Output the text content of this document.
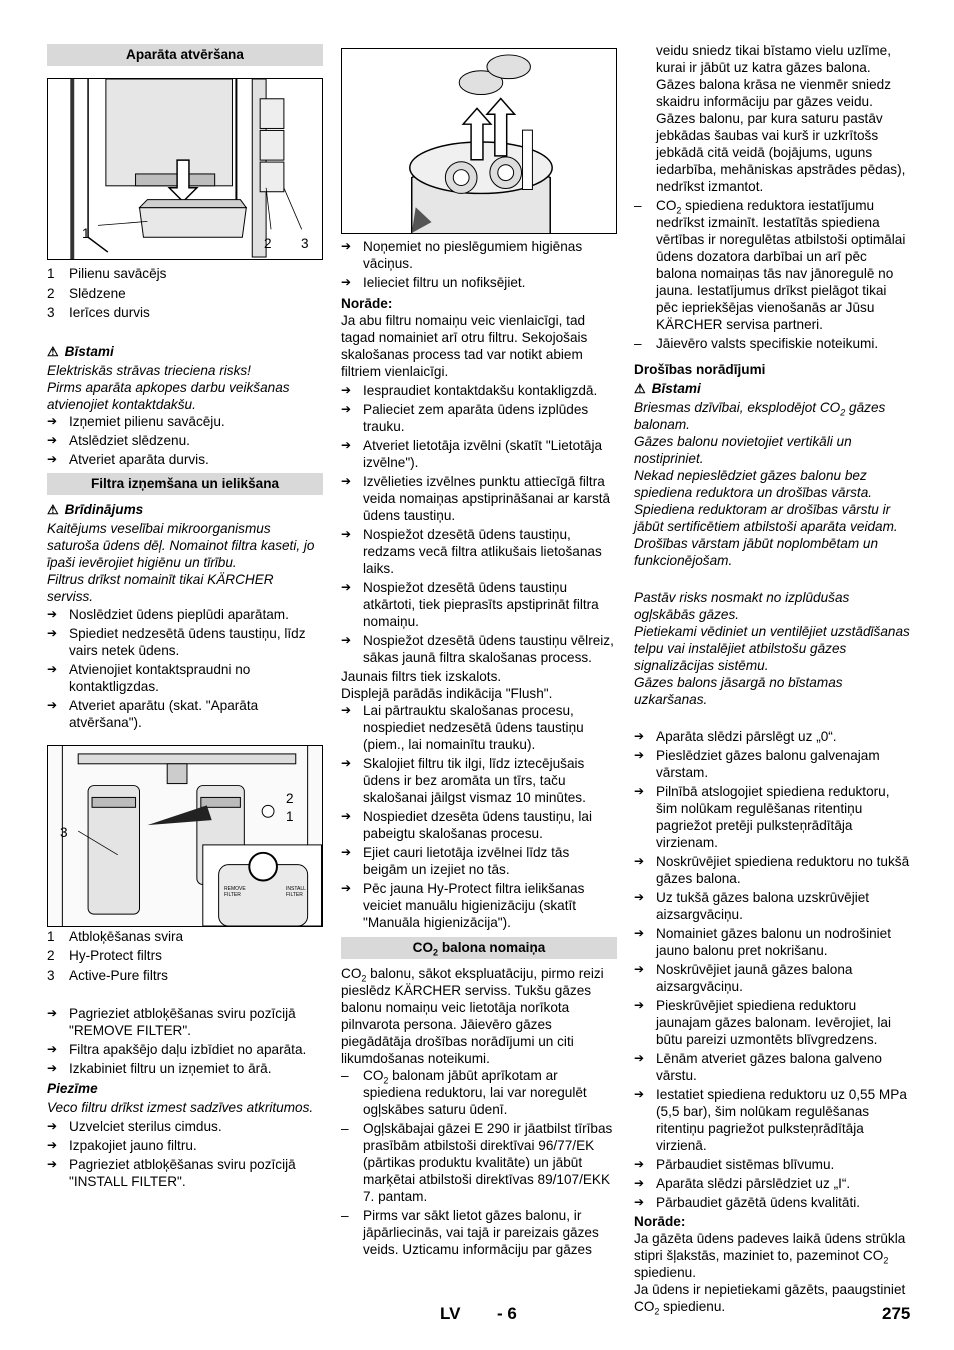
Aparāta atvēršana
1
2 3
1	Pilienu savācējs
2	Slēdzene
3	Ierīces durvis
⚠ Bīstami
Elektriskās strāvas trieciena risks!
Pirms aparāta apkopes darbu veikšanas atvienojiet kontaktdakšu.
➔ Izņemiet pilienu savācēju.
➔ Atslēdziet slēdzenu.
➔ Atveriet aparāta durvis.
Filtra izņemšana un ielikšana
⚠ Brīdinājums
Kaitējums veselībai mikroorganismus saturoša ūdens dēļ. Nomainot filtra kaseti, jo īpaši ievērojiet higiēnu un tīrību.
Filtrus drīkst nomainīt tikai KÄRCHER serviss.
➔ Noslēdziet ūdens pieplūdi aparātam.
➔ Spiediet nedzesētā ūdens taustiņu, līdz vairs netek ūdens.
➔ Atvienojiet kontaktspraudni no kontaktligzdas.
➔ Atveriet aparātu (skat. "Aparāta atvēršana").
2
1
3
REMOVE FILTER
INSTALL FILTER
1	Atbloķēšanas svira
2	Hy-Protect filtrs
3	Active-Pure filtrs
➔ Pagrieziet atbloķēšanas sviru pozīcijā "REMOVE FILTER".
➔ Filtra apakšējo daļu izbīdiet no aparāta.
➔ Izkabiniet filtru un izņemiet to ārā.
Piezīme
Veco filtru drīkst izmest sadzīves atkritumos.
➔ Uzvelciet sterilus cimdus.
➔ Izpakojiet jauno filtru.
➔ Pagrieziet atbloķēšanas sviru pozīcijā "INSTALL FILTER".
➔ Noņemiet no pieslēgumiem higiēnas vāciņus.
➔ Ielieciet filtru un nofiksējiet.
Norāde:
Ja abu filtru nomaiņu veic vienlaicīgi, tad tagad nomainiet arī otru filtru. Sekojošais skalošanas process tad var notikt abiem filtriem vienlaicīgi.
➔ Iespraudiet kontaktdakšu kontakligzdā.
➔ Palieciet zem aparāta ūdens izplūdes trauku.
➔ Atveriet lietotāja izvēlni (skatīt "Lietotāja izvēlne").
➔ Izvēlieties izvēlnes punktu attiecīgā filtra veida nomaiņas apstiprināšanai ar karstā ūdens taustiņu.
➔ Nospiežot dzesētā ūdens taustiņu, redzams vecā filtra atlikušais lietošanas laiks.
➔ Nospiežot dzesētā ūdens taustiņu atkārtoti, tiek pieprasīts apstiprināt filtra nomaiņu.
➔ Nospiežot dzesētā ūdens taustiņu vēlreiz, sākas jaunā filtra skalošanas process.
Jaunais filtrs tiek izskalots.
Displejā parādās indikācija "Flush".
➔ Lai pārtrauktu skalošanas procesu, nospiediet nedzesētā ūdens taustiņu (piem., lai nomainītu trauku).
➔ Skalojiet filtru tik ilgi, līdz iztecējušais ūdens ir bez aromāta un tīrs, taču skalošanai jāilgst vismaz 10 minūtes.
➔ Nospiediet dzesēta ūdens taustiņu, lai pabeigtu skalošanas procesu.
➔ Ejiet cauri lietotāja izvēlnei līdz tās beigām un izejiet no tās.
➔ Pēc jauna Hy-Protect filtra ielikšanas veiciet manuālu higienizāciju (skatīt "Manuāla higienizācija").
$CO_2$ balona nomaiņa
$CO_2$ balonu, sākot ekspluatāciju, pirmo reizi pieslēdz KÄRCHER serviss. Tukšu gāzes balonu nomaiņu veic lietotāja norīkota pilnvarota persona. Jāievēro gāzes piegādātāja drošības norādījumi un citi likumdošanas noteikumi.
–	$CO_2$ balonam jābūt aprīkotam ar spiediena reduktoru, lai var noregulēt ogļskābes saturu ūdenī.
–	Ogļskābajai gāzei E 290 ir jāatbilst tīrības prasībām atbilstoši direktīvai 96/77/EK (pārtikas produktu kvalitāte) un jābūt marķētai atbilstoši direktīvas 89/107/EKK 7. pantam.
–	Pirms var sākt lietot gāzes balonu, ir jāpārliecinās, vai tajā ir pareizais gāzes veids. Uzticamu informāciju par gāzes
veidu sniedz tikai bīstamo vielu uzlīme, kurai ir jābūt uz katra gāzes balona. Gāzes balona krāsa ne vienmēr sniedz skaidru informāciju par gāzes veidu. Gāzes balonu, par kura saturu pastāv jebkādas šaubas vai kurš ir uzkrītošs jebkādā citā veidā (bojājums, uguns iedarbība, mehāniskas apstrādes pēdas), nedrīkst izmantot.
–	$CO_2$ spiediena reduktora iestatījumu nedrīkst izmainīt. Iestatītās spiediena vērtības ir noregulētas atbilstoši optimālai ūdens dozatora darbībai un arī pēc balona nomaiņas tās nav jānoregulē no jauna. Iestatījumus drīkst pielāgot tikai pēc iepriekšējas vienošanās ar Jūsu KÄRCHER servisa partneri.
–	Jāievēro valsts specifiskie noteikumi.
Drošības norādījumi
⚠ Bīstami
Briesmas dzīvībai, eksplodējot $CO_2$ gāzes balonam.
Gāzes balonu novietojiet vertikāli un nostipriniet.
Nekad nepieslēdziet gāzes balonu bez spiediena reduktora un drošības vārsta.
Spiediena reduktoram ar drošības vārstu ir jābūt sertificētiem atbilstoši aparāta veidam.
Drošības vārstam jābūt noplombētam un funkcionējošam.
Pastāv risks nosmakt no izplūdušas ogļskābās gāzes.
Pietiekami vēdiniet un ventilējiet uzstādīšanas telpu vai instalējiet atbilstošu gāzes signalizācijas sistēmu.
Gāzes balons jāsargā no bīstamas uzkaršanas.
➔ Aparāta slēdzi pārslēgt uz „0“.
➔ Pieslēdziet gāzes balonu galvenajam vārstam.
➔ Pilnībā atslogojiet spiediena reduktoru, šim nolūkam regulēšanas ritentiņu pagriežot pretēji pulksteņrādītāja virzienam.
➔ Noskrūvējiet spiediena reduktoru no tukšā gāzes balona.
➔ Uz tukšā gāzes balona uzskrūvējiet aizsargvāciņu.
➔ Nomainiet gāzes balonu un nodrošiniet jauno balonu pret nokrišanu.
➔ Noskrūvējiet jaunā gāzes balona aizsargvāciņu.
➔ Pieskrūvējiet spiediena reduktoru jaunajam gāzes balonam. Ievērojiet, lai būtu pareizi uzmontēts blīvgredzens.
➔ Lēnām atveriet gāzes balona galveno vārstu.
➔ Iestatiet spiediena reduktoru uz 0,55 MPa (5,5 bar), šim nolūkam regulēšanas ritentiņu pagriežot pulksteņrādītāja virzienā.
➔ Pārbaudiet sistēmas blīvumu.
➔ Aparāta slēdzi pārslēdziet uz „I“.
➔ Pārbaudiet gāzētā ūdens kvalitāti.
Norāde:
Ja gāzēta ūdens padeves laikā ūdens strūkla stipri šļakstās, maziniet to, pazeminot $CO_2$ spiedienu.
Ja ūdens ir nepietiekami gāzēts, paaugstiniet $CO_2$ spiedienu.
LV - 6	275
